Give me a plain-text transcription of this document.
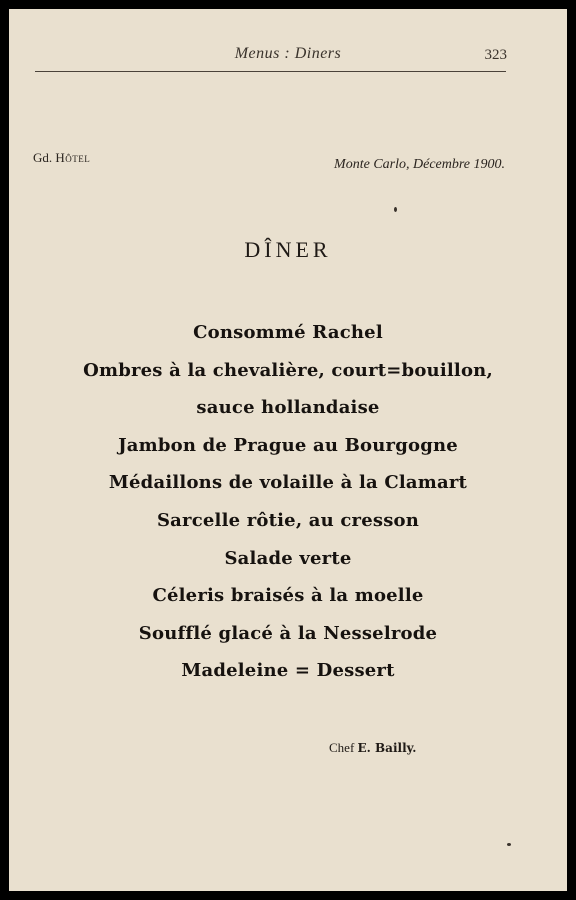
Menus : Diners	323
Gd. Hôtel	Monte Carlo, Décembre 1900.
DÎNER
Consommé Rachel
Ombres à la chevalière, court=bouillon,
sauce hollandaise
Jambon de Prague au Bourgogne
Médaillons de volaille à la Clamart
Sarcelle rôtie, au cresson
Salade verte
Céleris braisés à la moelle
Soufflé glacé à la Nesselrode
Madeleine = Dessert
Chef E. Bailly.
